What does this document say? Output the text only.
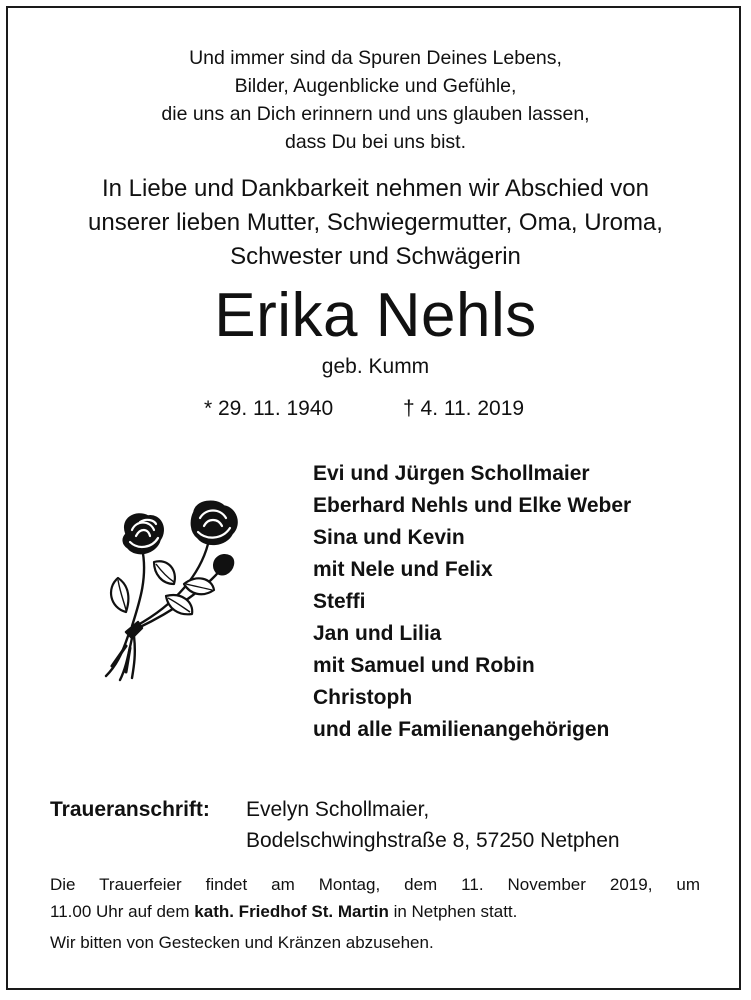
Und immer sind da Spuren Deines Lebens,
Bilder, Augenblicke und Gefühle,
die uns an Dich erinnern und uns glauben lassen,
dass Du bei uns bist.
In Liebe und Dankbarkeit nehmen wir Abschied von
unserer lieben Mutter, Schwiegermutter, Oma, Uroma,
Schwester und Schwägerin
Erika Nehls
geb. Kumm
* 29. 11. 1940	† 4. 11. 2019
Evi und Jürgen Schollmaier
Eberhard Nehls und Elke Weber
Sina und Kevin
mit Nele und Felix
Steffi
Jan und Lilia
mit Samuel und Robin
Christoph
und alle Familienangehörigen
Traueranschrift: Evelyn Schollmaier,
Bodelschwinghstraße 8, 57250 Netphen
Die Trauerfeier findet am Montag, dem 11. November 2019, um
11.00 Uhr auf dem kath. Friedhof St. Martin in Netphen statt.
Wir bitten von Gestecken und Kränzen abzusehen.
